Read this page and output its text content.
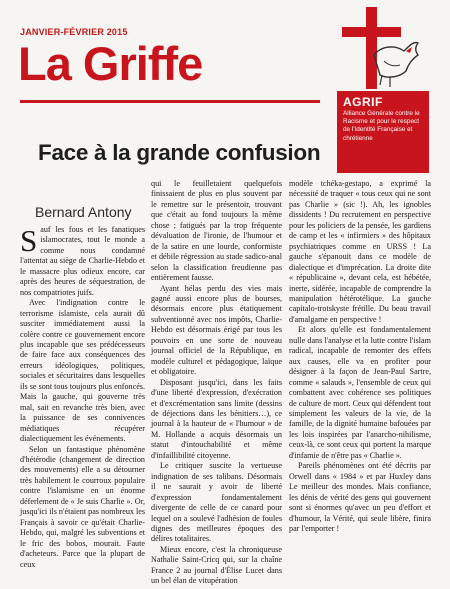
JANVIER-FÉVRIER 2015
La Griffe
AGRIF
Alliance Générale contre le Racisme et pour le respect de l'Identité Française et chrétienne
Face à la grande confusion
Bernard Antony

Sauf les fous et les fanatiques islamocrates, tout le monde a comme nous condamné l'attentat au siège de Charlie-Hebdo et le massacre plus odieux encore, car après des heures de séquestration, de nos compatriotes juifs.

Avec l'indignation contre le terrorisme islamiste, cela aurait dû susciter immédiatement aussi la colère contre ce gouvernement encore plus incapable que ses prédécesseurs de faire face aux conséquences des erreurs idéologiques, politiques, sociales et sécuritaires dans lesquelles ils se sont tous toujours plus enfoncés. Mais la gauche, qui gouverne très mal, sait en revanche très bien, avec la puissance de ses connivences médiatiques récupérer dialectiquement les événements.

Selon un fantastique phénomène d'hétérodie (changement de direction des mouvements) elle a su détourner très habilement le courroux populaire contre l'islamisme en un énorme déferlement de « Je suis Charlie ». Or, jusqu'ici ils n'étaient pas nombreux les Français à savoir ce qu'était Charlie-Hebdo, qui, malgré les subventions et le fric des bobos, mourait. Faute d'acheteurs. Parce que la plupart de ceux

qui le feuilletaient quelquefois finissaient de plus en plus souvent par le remettre sur le présentoir, trouvant que c'était au fond toujours la même chose ; fatigués par la trop fréquente dévaluation de l'ironie, de l'humour et de la satire en une lourde, conformiste et débile régression au stade sadico-anal selon la classification freudienne pas entièrement fausse.

Ayant hélas perdu des vies mais gagné aussi encore plus de bourses, désormais encore plus étatiquement subventionné avec nos impôts, Charlie-Hebdo est désormais érigé par tous les pouvoirs en une sorte de nouveau journal officiel de la République, en modèle culturel et pédagogique, laïque et obligatoire.

Disposant jusqu'ici, dans les faits d'une liberté d'expression, d'exécration et d'excrémentation sans limite (dessins de déjections dans les bénitiers…), ce journal à la hauteur de « l'humour » de M. Hollande a acquis désormais un statut d'intouchabilité et même d'infaillibilité citoyenne.

Le critiquer suscite la vertueuse indignation de ses talibans. Désormais il ne saurait y avoir de liberté d'expression fondamentalement divergente de celle de ce canard pour lequel on a soulevé l'adhésion de foules dignes des meilleures époques des délires totalitaires.

Mieux encore, c'est la chroniqueuse Nathalie Saint-Cricq qui, sur la chaîne France 2 au journal d'Élise Lucet dans un bel élan de vitupération

modèle tchéka-gestapo, a exprimé la nécessité de traquer « tous ceux qui ne sont pas Charlie » (sic !). Ah, les ignobles dissidents ! Du recrutement en perspective pour les policiers de la pensée, les gardiens de camp et les « infirmiers » des hôpitaux psychiatriques comme en URSS ! La gauche s'épanouit dans ce modèle de dialectique et d'imprécation. La droite dite « républicaine », devant cela, est hébétée, inerte, sidérée, incapable de comprendre la manipulation hétérotélique. La gauche capitalo-trotskyste frétille. Du beau travail d'amalgame en perspective !

Et alors qu'elle est fondamentalement nulle dans l'analyse et la lutte contre l'islam radical, incapable de remonter des effets aux causes, elle va en profiter pour désigner à la façon de Jean-Paul Sartre, comme « salauds », l'ensemble de ceux qui combattent avec cohérence ses politiques de culture de mort. Ceux qui défendent tout simplement les valeurs de la vie, de la famille, de la dignité humaine bafouées par les lois inspirées par l'anarcho-nihilisme, ceux-là, ce sont ceux qui portent la marque d'infamie de n'être pas « Charlie ».

Pareils phénomènes ont été décrits par Orwell dans « 1984 » et par Huxley dans Le meilleur des mondes. Mais confiance, les dénis de vérité des gens qui gouvernent sont si énormes qu'avec un peu d'effort et d'humour, la Vérité, qui seule libère, finira par l'emporter !
